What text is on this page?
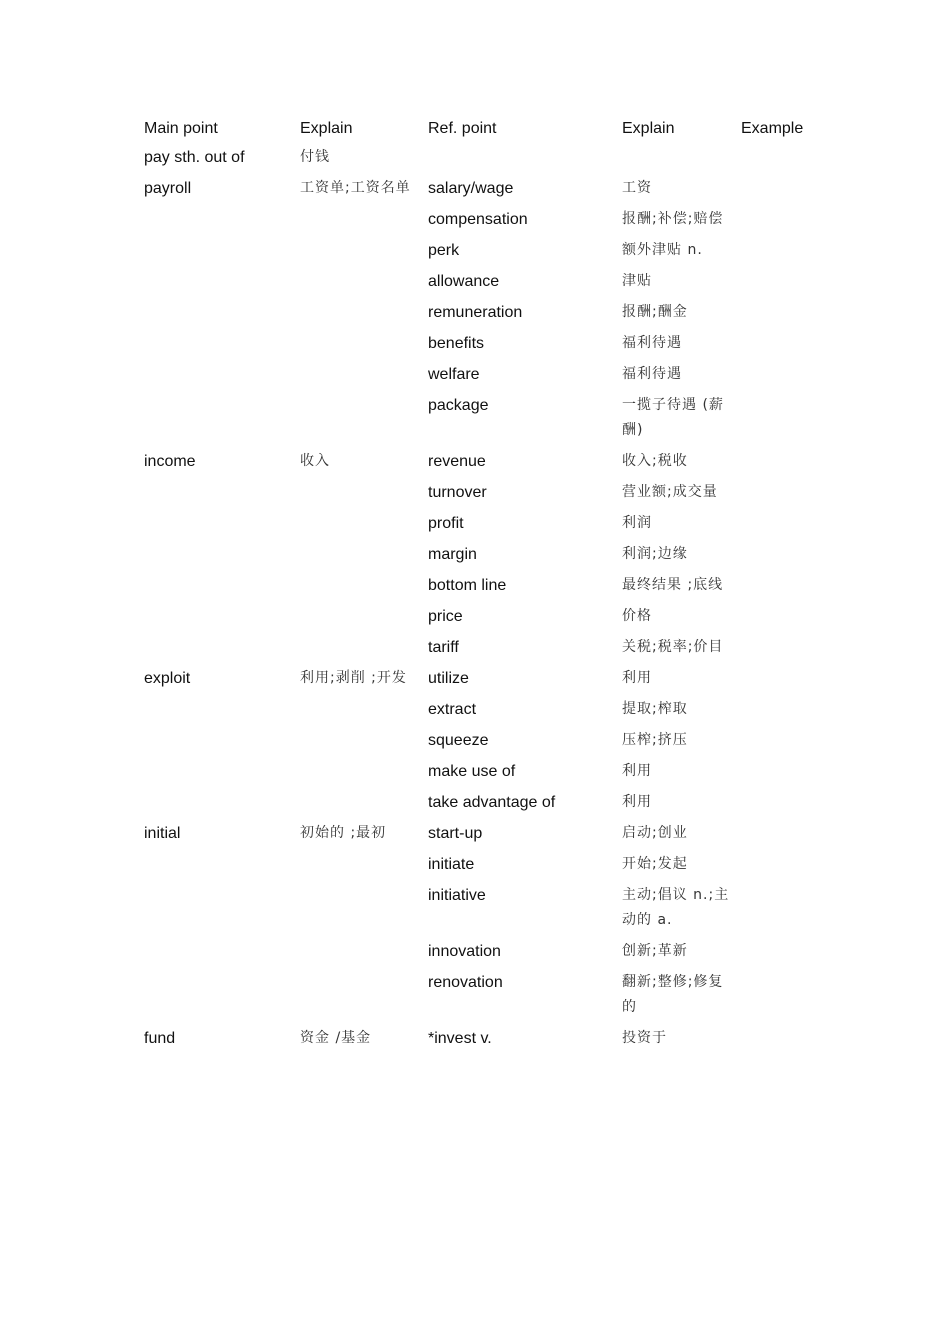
Main point	Explain	Ref. point	Explain	Example
pay sth. out of	付钱			
payroll	工资单;工资名单	salary/wage	工资	
		compensation	报酬;补偿;赔偿	
		perk	额外津贴 n.	
		allowance	津贴	
		remuneration	报酬;酬金	
		benefits	福利待遇	
		welfare	福利待遇	
		package	一揽子待遇 (薪酬)	
income	收入	revenue	收入;税收	
		turnover	营业额;成交量	
		profit	利润	
		margin	利润;边缘	
		bottom line	最终结果 ;底线	
		price	价格	
		tariff	关税;税率;价目	
exploit	利用;剥削 ;开发	utilize	利用	
		extract	提取;榨取	
		squeeze	压榨;挤压	
		make use of	利用	
		take advantage of	利用	
initial	初始的 ;最初	start-up	启动;创业	
		initiate	开始;发起	
		initiative	主动;倡议 n.;主动的 a.	
		innovation	创新;革新	
		renovation	翻新;整修;修复的	
fund	资金 /基金	*invest v.	投资于	
